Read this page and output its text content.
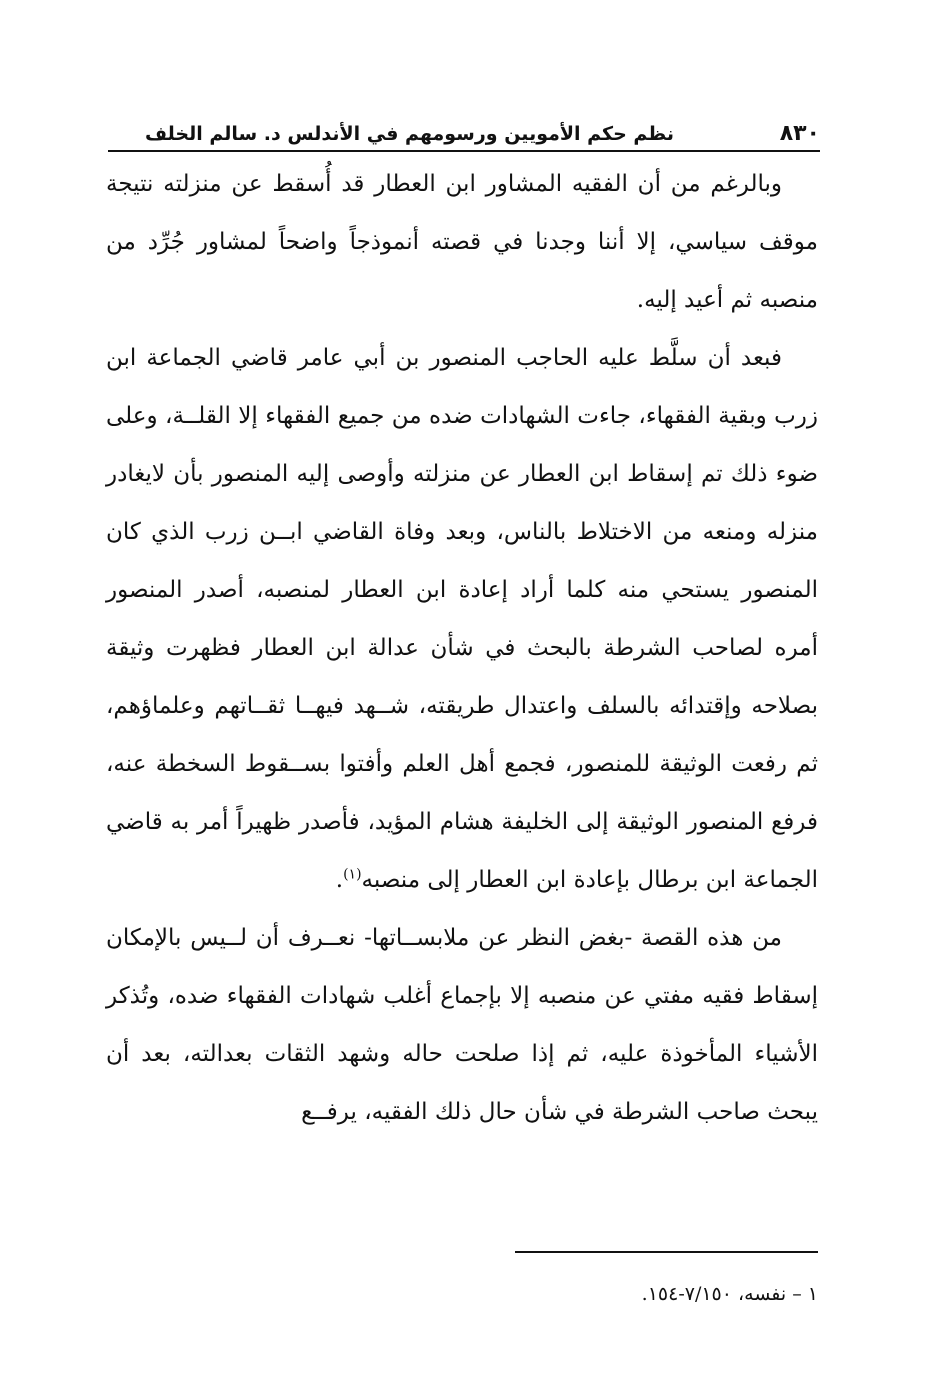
٨٣٠
نظم حكم الأمويين ورسومهم في الأندلس د. سالم الخلف

وبالرغم من أن الفقيه المشاور ابن العطار قد أُسقط عن منزلته نتيجة موقف سياسي، إلا أننا وجدنا في قصته أنموذجاً واضحاً لمشاور جُرِّد من منصبه ثم أعيد إليه.

فبعد أن سلَّط عليه الحاجب المنصور بن أبي عامر قاضي الجماعة ابن زرب وبقية الفقهاء، جاءت الشهادات ضده من جميع الفقهاء إلا القلــة، وعلى ضوء ذلك تم إسقاط ابن العطار عن منزلته وأوصى إليه المنصور بأن لايغادر منزله ومنعه من الاختلاط بالناس، وبعد وفاة القاضي ابــن زرب الذي كان المنصور يستحي منه كلما أراد إعادة ابن العطار لمنصبه، أصدر المنصور أمره لصاحب الشرطة بالبحث في شأن عدالة ابن العطار فظهرت وثيقة بصلاحه وإقتدائه بالسلف واعتدال طريقته، شــهد فيهــا ثقــاتهم وعلماؤهم، ثم رفعت الوثيقة للمنصور، فجمع أهل العلم وأفتوا بســقوط السخطة عنه، فرفع المنصور الوثيقة إلى الخليفة هشام المؤيد، فأصدر ظهيراً أمر به قاضي الجماعة ابن برطال بإعادة ابن العطار إلى منصبه$^{(١)}$.

من هذه القصة -بغض النظر عن ملابســاتها- نعــرف أن لــيس بالإمكان إسقاط فقيه مفتي عن منصبه إلا بإجماع أغلب شهادات الفقهاء ضده، وتُذكر الأشياء المأخوذة عليه، ثم إذا صلحت حاله وشهد الثقات بعدالته، بعد أن يبحث صاحب الشرطة في شأن حال ذلك الفقيه، يرفــع

١ – نفسه، ٧/١٥٠-١٥٤.
